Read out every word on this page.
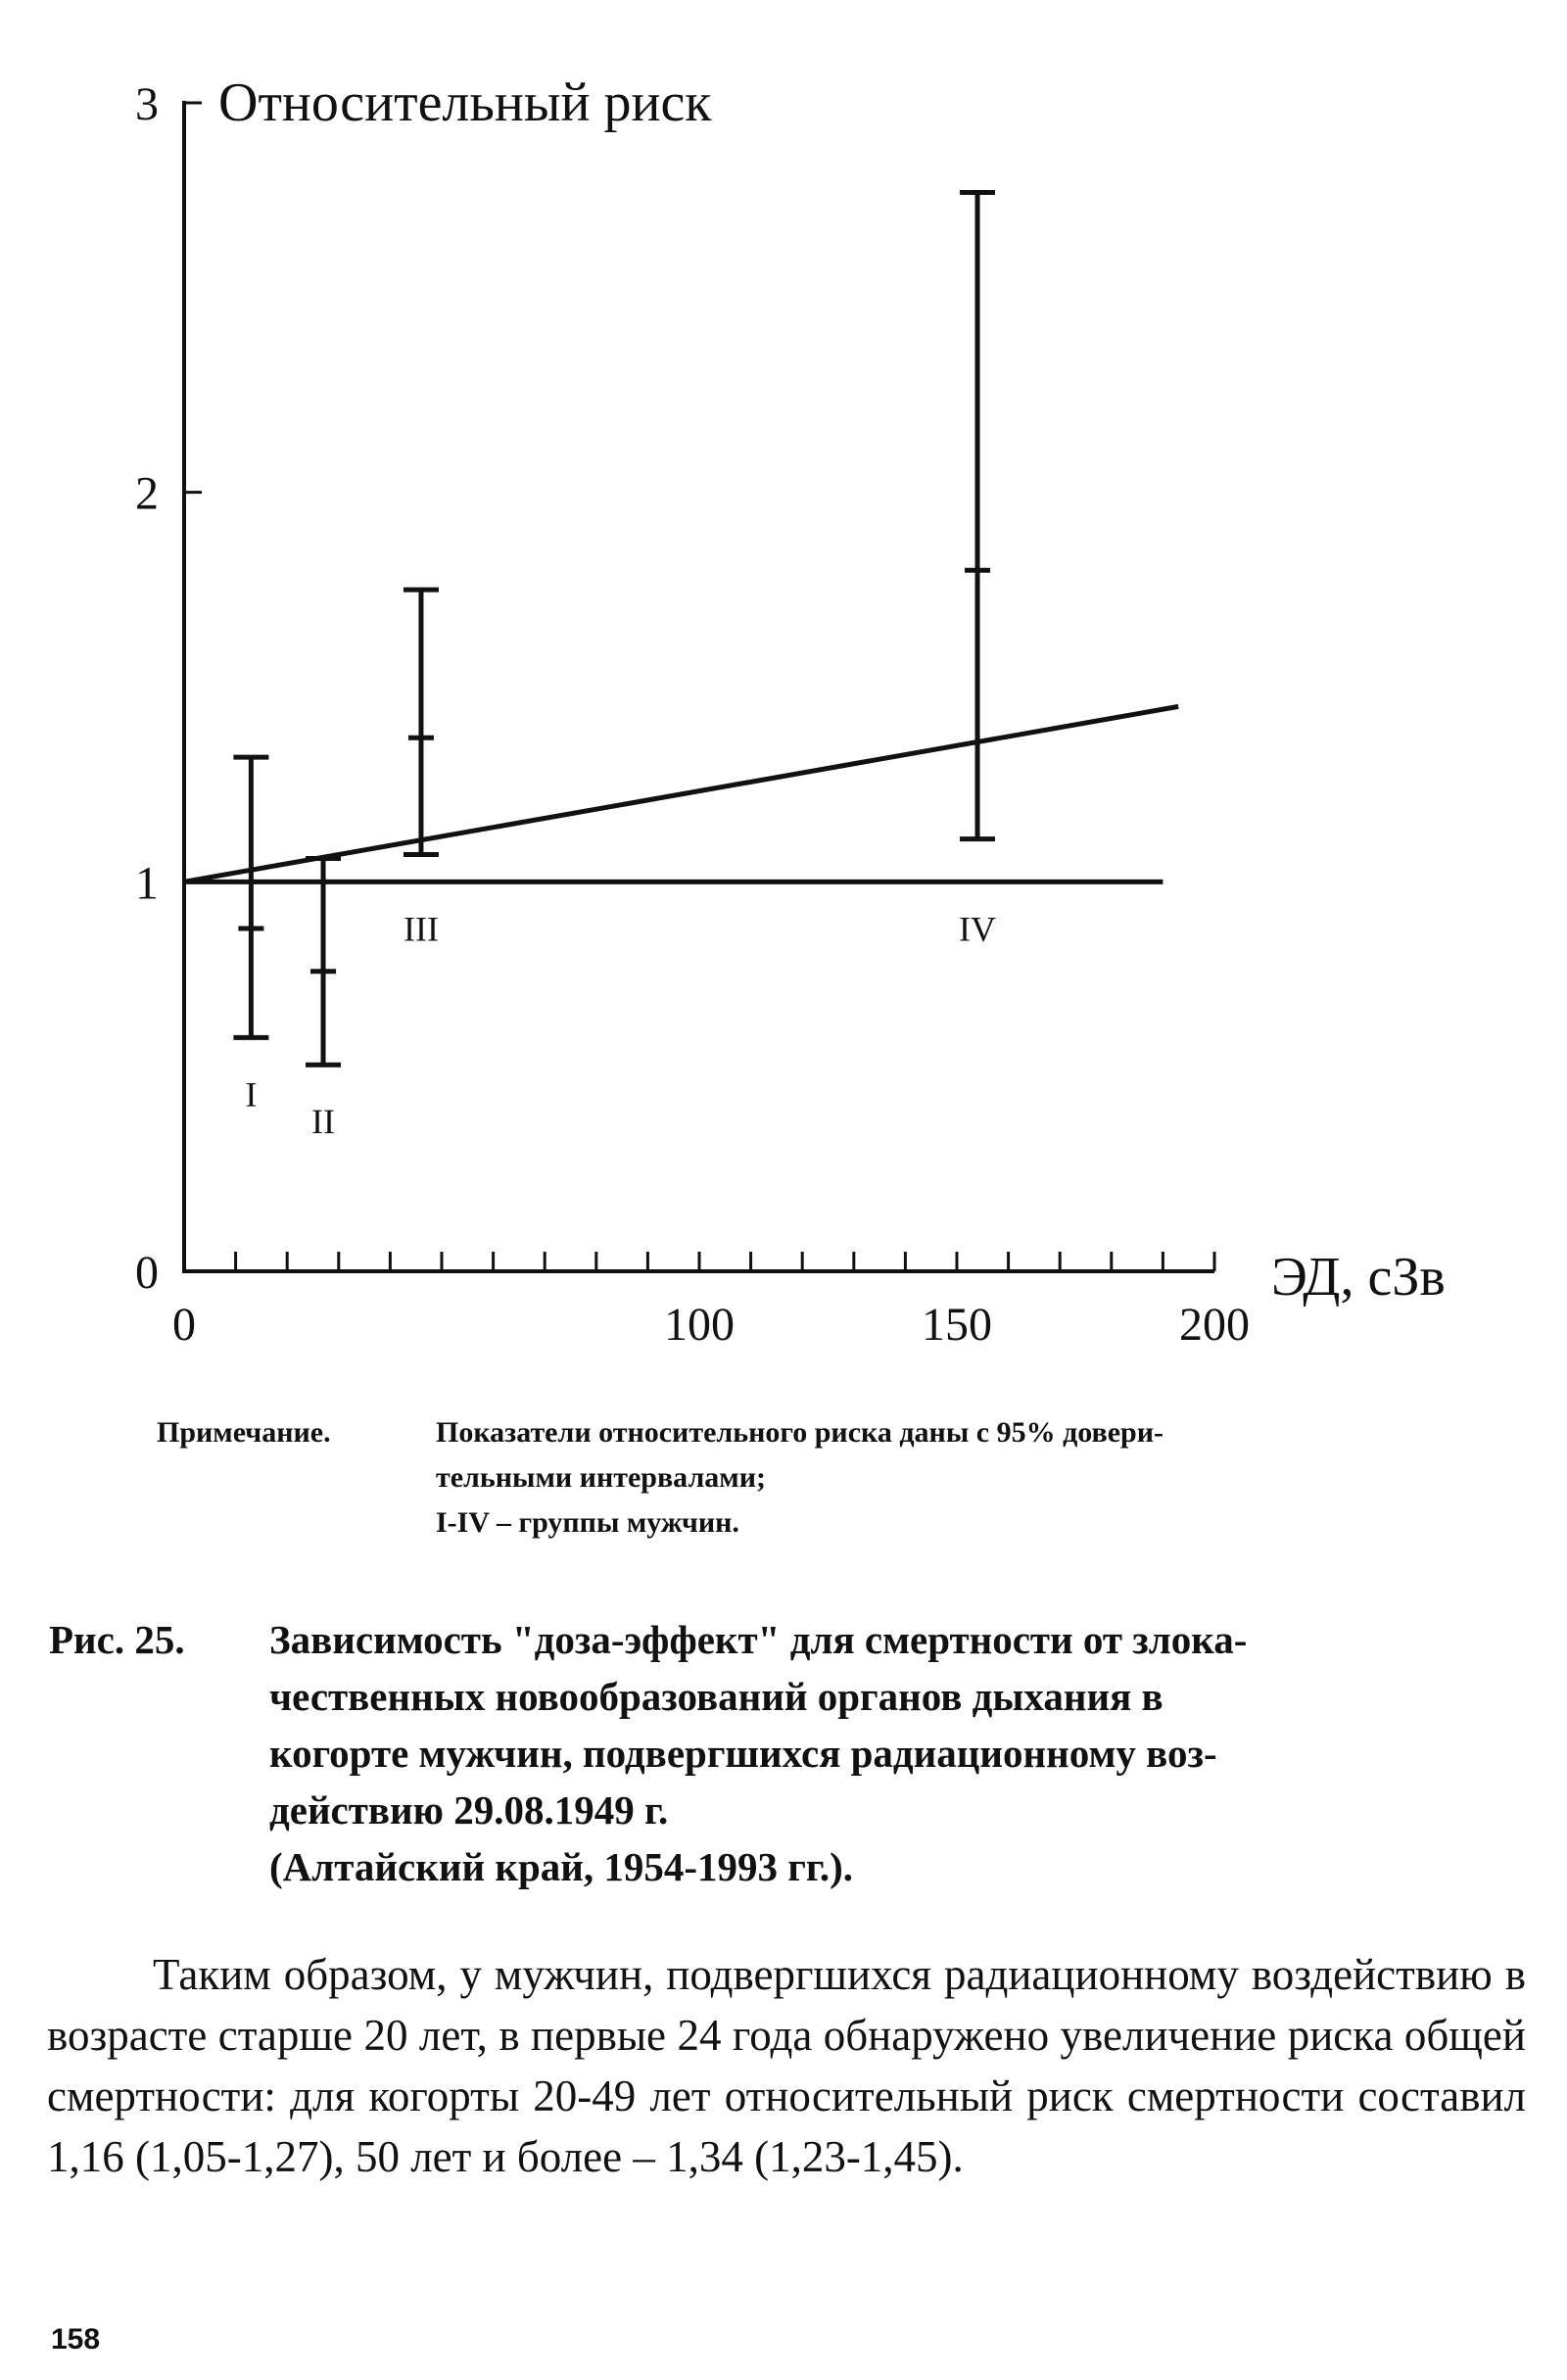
0
1
2
3
0	100	150	200
Относительный риск
ЭД, сЗв
I
II
III	IV
Примечание.	Показатели относительного риска даны с 95% довери-
тельными интервалами;
I-IV – группы мужчин.
Рис. 25. Зависимость "доза-эффект" для смертности от злока-
чественных новообразований органов дыхания в
когорте мужчин, подвергшихся радиационному воз-
действию 29.08.1949 г.
(Алтайский край, 1954-1993 гг.).

Таким образом, у мужчин, подвергшихся радиационному воздействию в возрасте старше 20 лет, в первые 24 года обнаружено увеличение риска общей смертности: для когорты 20-49 лет относительный риск смертности составил 1,16 (1,05-1,27), 50 лет и более – 1,34 (1,23-1,45).

158
